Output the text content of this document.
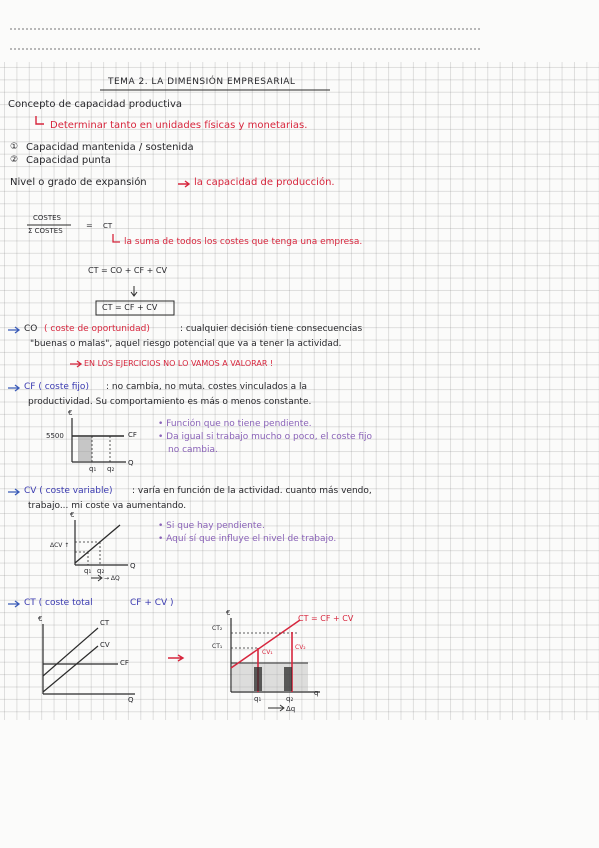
TEMA 2. LA DIMENSIÓN EMPRESARIAL
Concepto de capacidad productiva
Determinar tanto en unidades físicas y monetarias.
① Capacidad mantenida / sostenida
② Capacidad punta
Nivel o grado de expansión	la capacidad de producción.
COSTES
Σ COSTES
= CT
la suma de todos los costes que tenga una empresa.
CT = CO + CF + CV
CT = CF + CV
CO ( coste de oportunidad)	: cualquier decisión tiene consecuencias
"buenas o malas", aquel riesgo potencial que va a tener la actividad.
EN LOS EJERCICIOS NO LO VAMOS A VALORAR !
CF ( coste fijo) : no cambia, no muta. costes vinculados a la
productividad. Su comportamiento es más o menos constante.
€
5500	CF
q₁ q₂
Q
• Función que no tiene pendiente.
• Da igual si trabajo mucho o poco, el coste fijo
no cambia.
CV ( coste variable) : varía en función de la actividad. cuanto más vendo,
trabajo... mi coste va aumentando.
€
ΔCV ↑
q₁ q₂
Q
→ ΔQ
• Si que hay pendiente.
• Aquí sí que influye el nivel de trabajo.
CT ( coste total	CF + CV )
€	CT
CV
CF
Q
€
CT = CF + CV
CT₂
CT₁
CV₁
CV₂
q₁	q₂
q
Δq
